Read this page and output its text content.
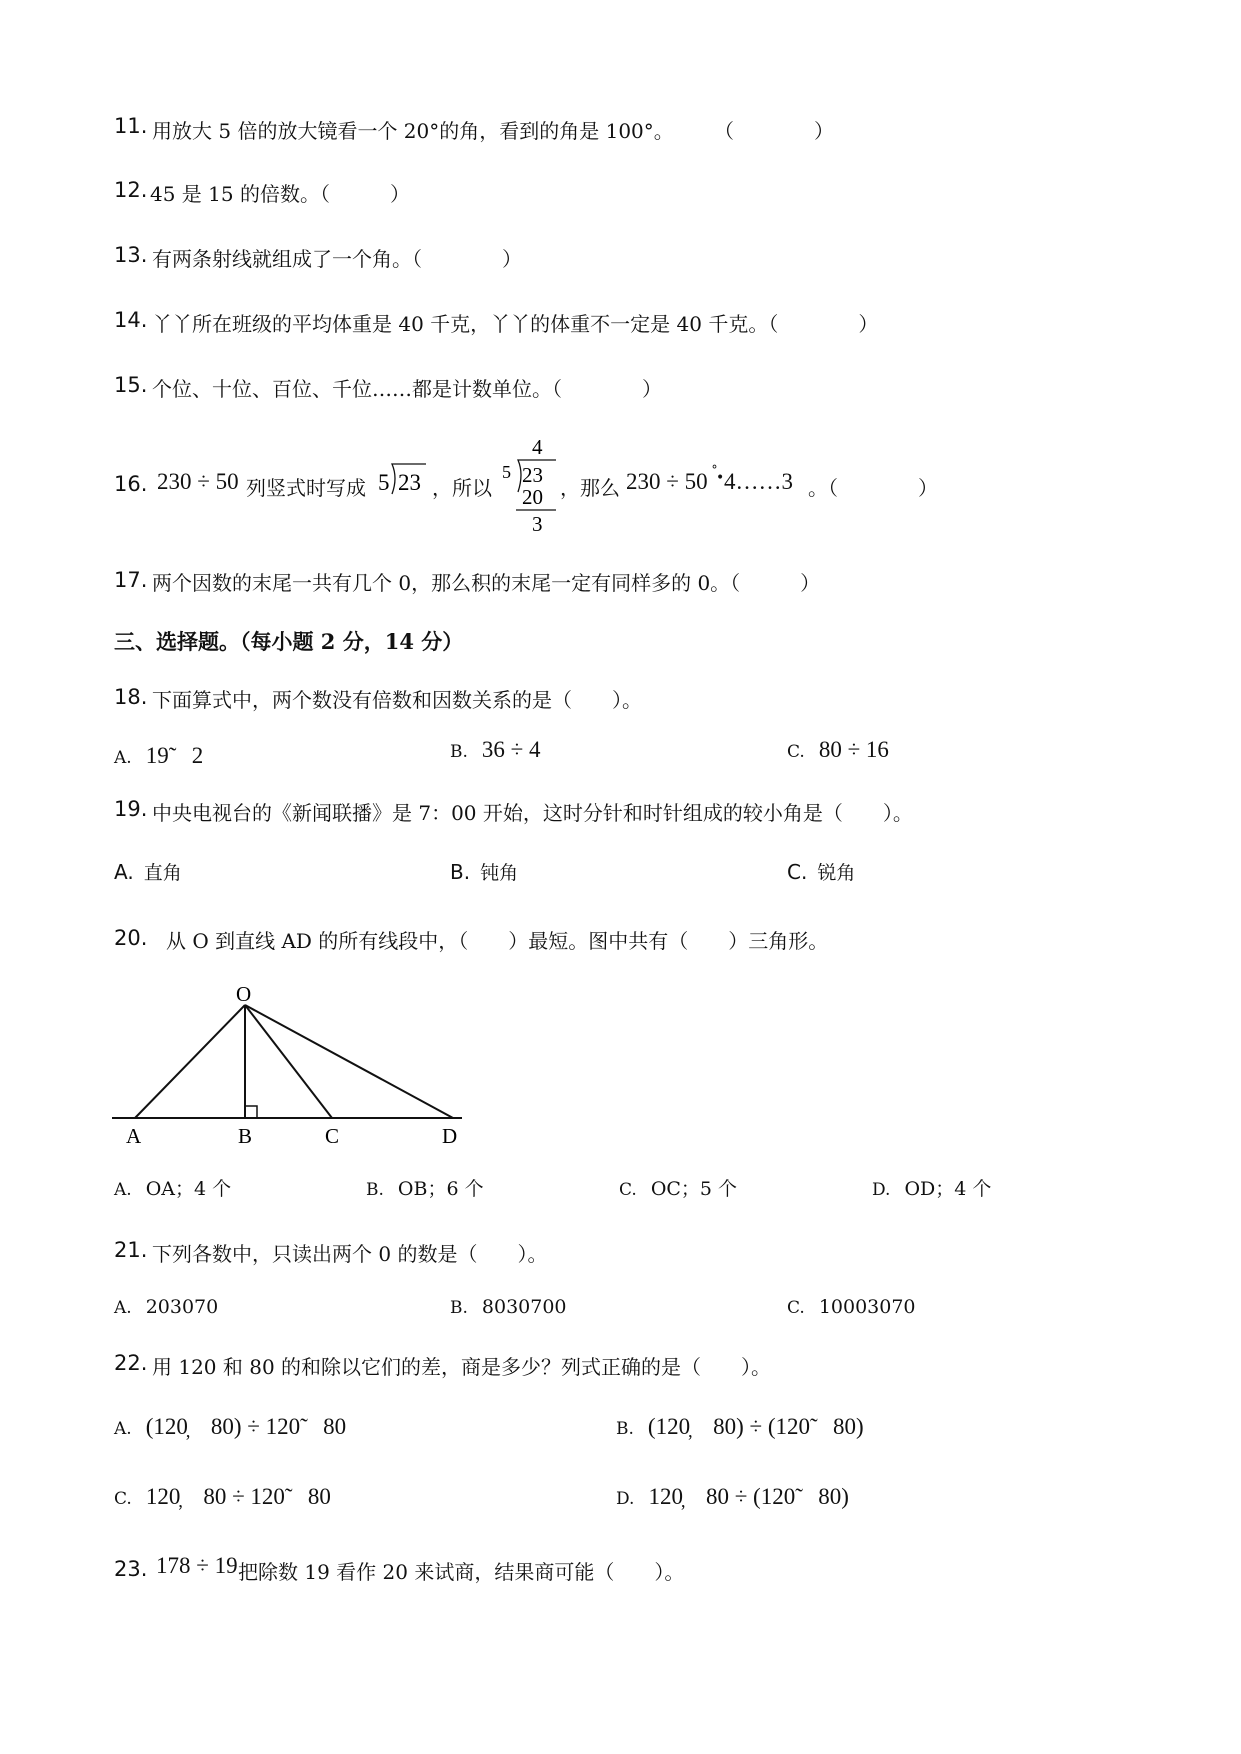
11. 用放大 5 倍的放大镜看一个 20°的角，看到的角是 100°。 （　　　　）
12. 45 是 15 的倍数。（　　　）
13. 有两条射线就组成了一个角。（　　　　）
14. 丫丫所在班级的平均体重是 40 千克，丫丫的体重不一定是 40 千克。（　　　　）
15. 个位、十位、百位、千位……都是计数单位。（　　　　）
16. 230 ÷ 50 列竖式时写成 5 23 ，所以
4
5 23
20
3
，那么 230 ÷ 50 ˚
• 4……3 。（　　　　）
17. 两个因数的末尾一共有几个 0，那么积的末尾一定有同样多的 0。（　　　）
三、选择题。（每小题 2 分，14 分）
18. 下面算式中，两个数没有倍数和因数关系的是（　　）。
A. 19̃　2	B. 36 ÷ 4	C. 80 ÷ 16
19. 中央电视台的《新闻联播》是 7：00 开始，这时分针和时针组成的较小角是（　　）。
A. 直角	B. 钝角	C. 锐角
20. 从 O 到直线 AD 的所有线段中，（　　）最短。图中共有（　　）三角形。
O
A	B	C	D
A. OA；4 个	B. OB；6 个	C. OC；5 个	D. OD；4 个
21. 下列各数中，只读出两个 0 的数是（　　）。
A. 203070	B. 8030700	C. 10003070
22. 用 120 和 80 的和除以它们的差，商是多少？列式正确的是（　　）。
A. (120̦　80) ÷ 120̃　80	B. (120̦　80) ÷ (120̃　80)
C. 120̦　80 ÷ 120̃　80	D. 120̦　80 ÷ (120̃　80)
23. 178 ÷ 19 把除数 19 看作 20 来试商，结果商可能（　　）。
